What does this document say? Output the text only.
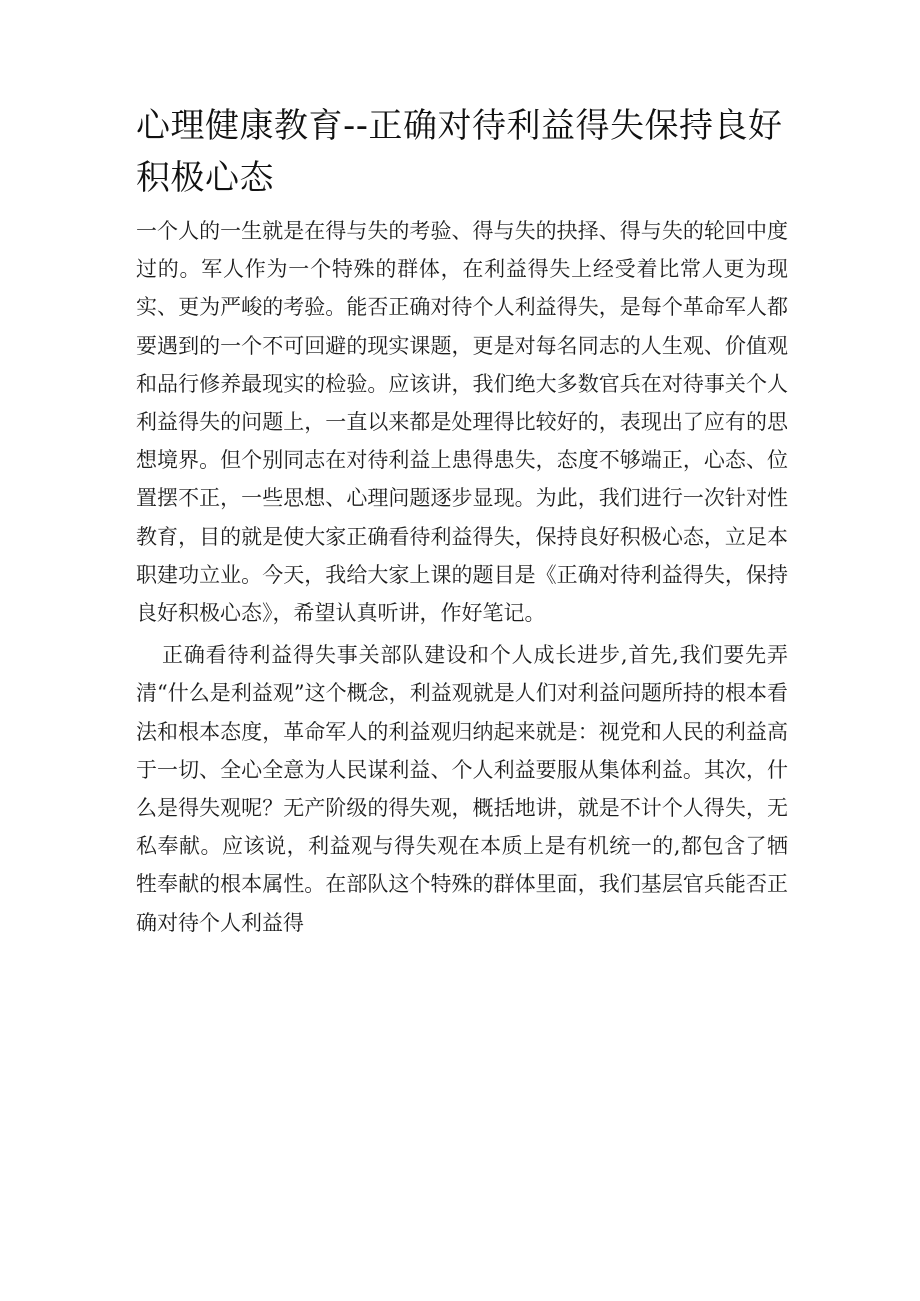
心理健康教育--正确对待利益得失保持良好积极心态

一个人的一生就是在得与失的考验、得与失的抉择、得与失的轮回中度过的。军人作为一个特殊的群体，在利益得失上经受着比常人更为现实、更为严峻的考验。能否正确对待个人利益得失，是每个革命军人都要遇到的一个不可回避的现实课题，更是对每名同志的人生观、价值观和品行修养最现实的检验。应该讲，我们绝大多数官兵在对待事关个人利益得失的问题上，一直以来都是处理得比较好的，表现出了应有的思想境界。但个别同志在对待利益上患得患失，态度不够端正，心态、位置摆不正，一些思想、心理问题逐步显现。为此，我们进行一次针对性教育，目的就是使大家正确看待利益得失，保持良好积极心态，立足本职建功立业。今天，我给大家上课的题目是《正确对待利益得失，保持良好积极心态》，希望认真听讲，作好笔记。

正确看待利益得失事关部队建设和个人成长进步,首先,我们要先弄清“什么是利益观”这个概念，利益观就是人们对利益问题所持的根本看法和根本态度，革命军人的利益观归纳起来就是：视党和人民的利益高于一切、全心全意为人民谋利益、个人利益要服从集体利益。其次，什么是得失观呢？无产阶级的得失观，概括地讲，就是不计个人得失，无私奉献。应该说，利益观与得失观在本质上是有机统一的,都包含了牺牲奉献的根本属性。在部队这个特殊的群体里面，我们基层官兵能否正确对待个人利益得
